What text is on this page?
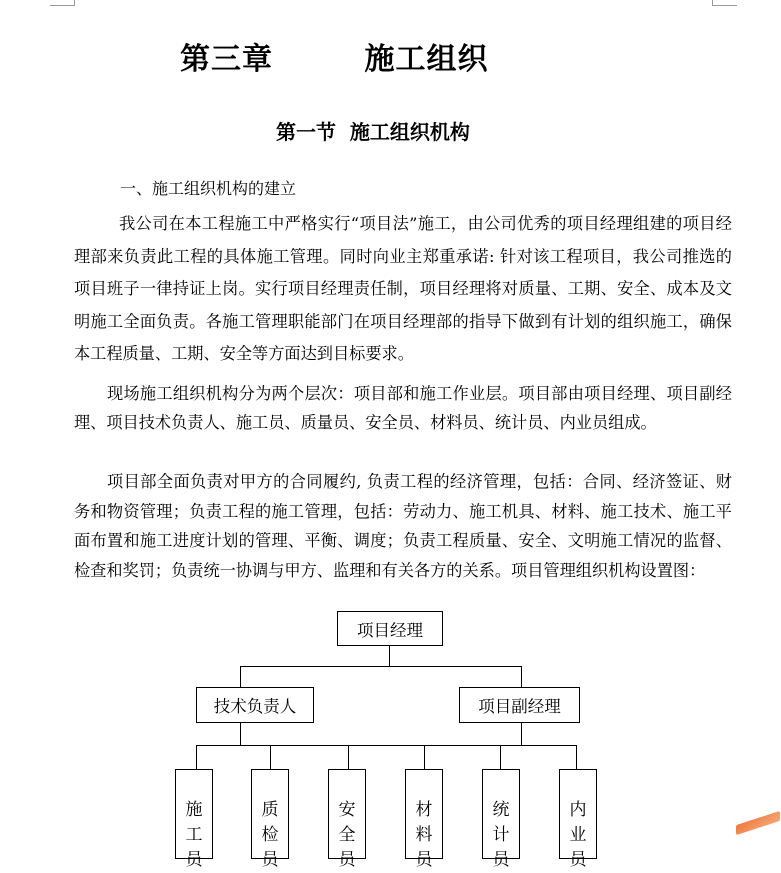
第三章        施工组织
第一节  施工组织机构
一、施工组织机构的建立
我公司在本工程施工中严格实行“项目法”施工，由公司优秀的项目经理组建的项目经理部来负责此工程的具体施工管理。同时向业主郑重承诺: 针对该工程项目，我公司推选的项目班子一律持证上岗。实行项目经理责任制，项目经理将对质量、工期、安全、成本及文明施工全面负责。各施工管理职能部门在项目经理部的指导下做到有计划的组织施工，确保本工程质量、工期、安全等方面达到目标要求。
现场施工组织机构分为两个层次：项目部和施工作业层。项目部由项目经理、项目副经理、项目技术负责人、施工员、质量员、安全员、材料员、统计员、内业员组成。
项目部全面负责对甲方的合同履约, 负责工程的经济管理，包括：合同、经济签证、财务和物资管理；负责工程的施工管理，包括：劳动力、施工机具、材料、施工技术、施工平面布置和施工进度计划的管理、平衡、调度；负责工程质量、安全、文明施工情况的监督、检查和奖罚；负责统一协调与甲方、监理和有关各方的关系。项目管理组织机构设置图：
项目经理
技术负责人	项目副经理
施
工
员
质
检
员
安
全
员
材
料
员
统
计
员
内
业
员
